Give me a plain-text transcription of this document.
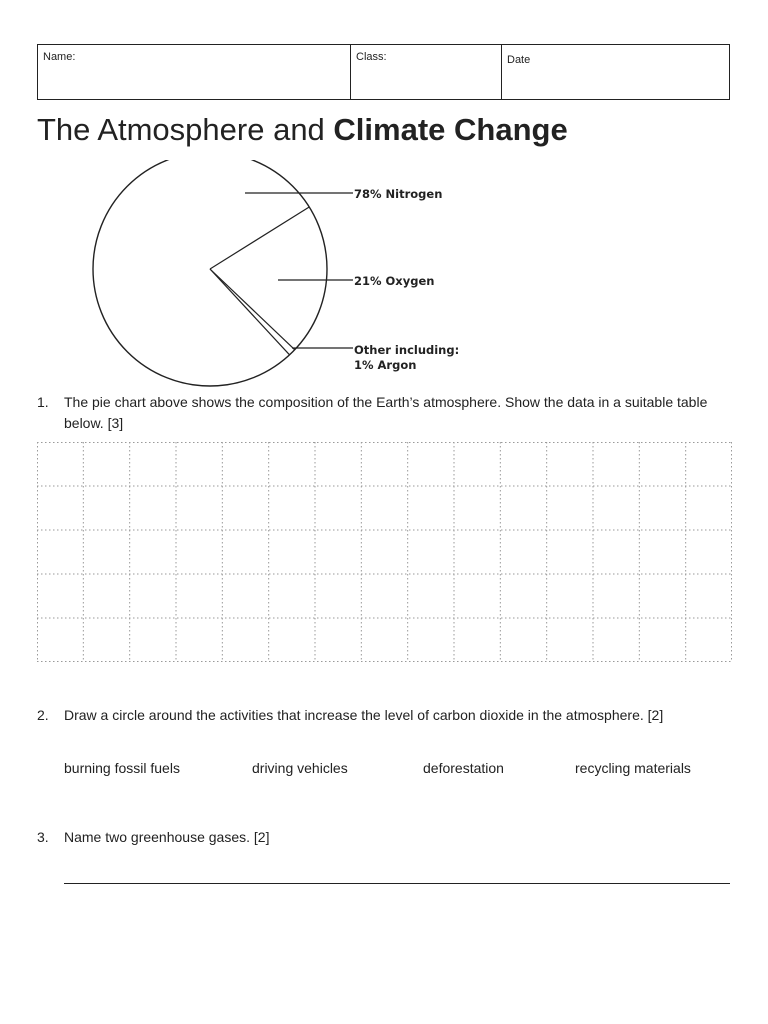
Name:	Class:	Date
The Atmosphere and Climate Change
78% Nitrogen
21% Oxygen
Other including:
1% Argon
1. The pie chart above shows the composition of the Earth’s atmosphere. Show the data in a suitable table below. [3]
2. Draw a circle around the activities that increase the level of carbon dioxide in the atmosphere. [2]
burning fossil fuels	driving vehicles	deforestation	recycling materials
3. Name two greenhouse gases. [2]
